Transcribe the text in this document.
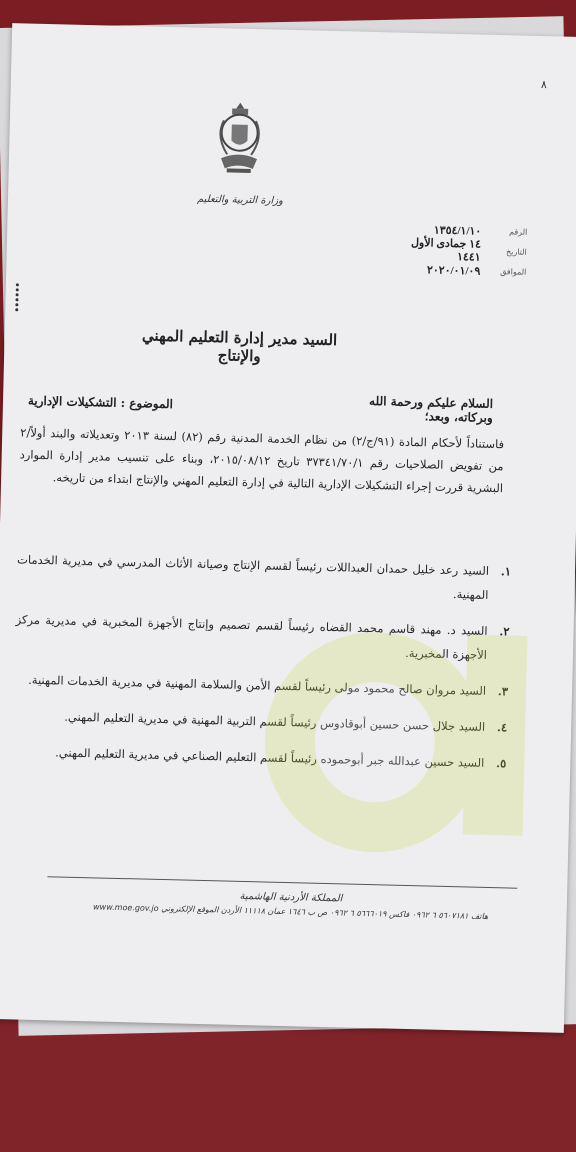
٨
وزارة التربية والتعليم
الرقم
١٣٥٤/١/١٠
التاريخ
١٤ جمادى الأول ١٤٤١
الموافق
٢٠٢٠/٠١/٠٩
السيد مدير إدارة التعليم المهني والإنتاج
السلام عليكم ورحمة الله وبركاته، وبعد؛
الموضوع : التشكيلات الإدارية
فاستناداً لأحكام المادة (٩١/ج/٢) من نظام الخدمة المدنية رقم (٨٢) لسنة ٢٠١٣ وتعديلاته والبند أولاً/٢ من تفويض الصلاحيات رقم ٣٧٣٤١/٧٠/١ تاريخ ٢٠١٥/٠٨/١٢، وبناء على تنسيب مدير إدارة الموارد البشرية قررت إجراء التشكيلات الإدارية التالية في إدارة التعليم المهني والإنتاج ابتداء من تاريخه.
١.
السيد رعد خليل حمدان العبداللات رئيساً لقسم الإنتاج وصيانة الأثاث المدرسي في مديرية الخدمات المهنية.
٢.
السيد د. مهند قاسم محمد القضاه رئيساً لقسم تصميم وإنتاج الأجهزة المخبرية في مديرية مركز الأجهزة المخبرية.
٣.
السيد مروان صالح محمود مولى رئيساً لقسم الأمن والسلامة المهنية في مديرية الخدمات المهنية.
٤.
السيد جلال حسن حسين أبوقادوس رئيساً لقسم التربية المهنية في مديرية التعليم المهني.
٥.
السيد حسين عبدالله جبر أبوحموده رئيساً لقسم التعليم الصناعي في مديرية التعليم المهني.
المملكة الأردنية الهاشمية
هاتف ٥٦٠٧١٨١ ٦ ٠٩٦٢ فاكس ٥٦٦٦٠١٩ ٦ ٠٩٦٢ ص ب ١٦٤٦ عمان ١١١١٨ الأردن الموقع الإلكتروني www.moe.gov.jo
